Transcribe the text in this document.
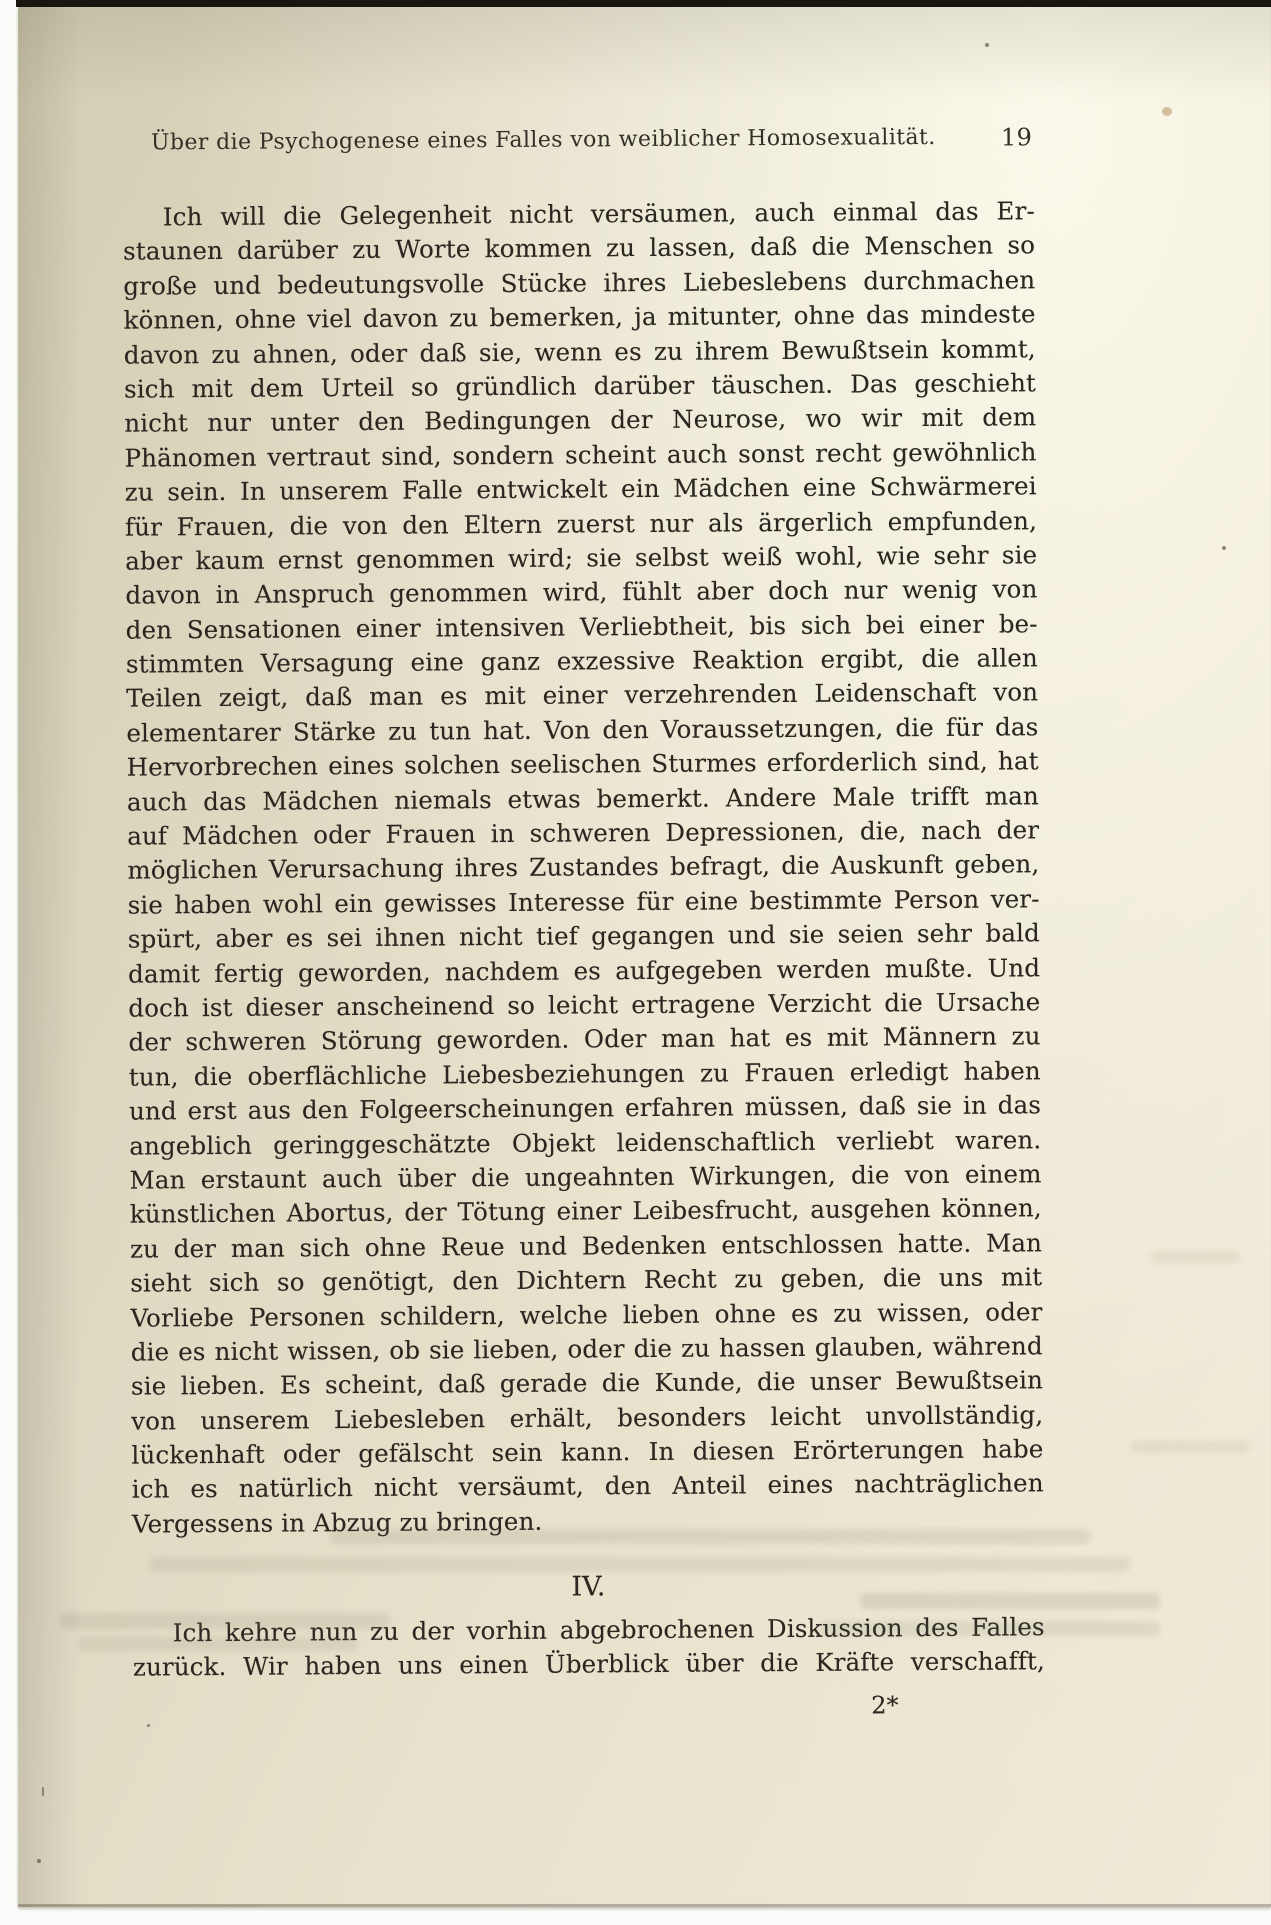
Über die Psychogenese eines Falles von weiblicher Homosexualität.	19
Ich will die Gelegenheit nicht versäumen, auch einmal das Er-
staunen darüber zu Worte kommen zu lassen, daß die Menschen so
große und bedeutungsvolle Stücke ihres Liebeslebens durchmachen
können, ohne viel davon zu bemerken, ja mitunter, ohne das mindeste
davon zu ahnen, oder daß sie, wenn es zu ihrem Bewußtsein kommt,
sich mit dem Urteil so gründlich darüber täuschen. Das geschieht
nicht nur unter den Bedingungen der Neurose, wo wir mit dem
Phänomen vertraut sind, sondern scheint auch sonst recht gewöhnlich
zu sein. In unserem Falle entwickelt ein Mädchen eine Schwärmerei
für Frauen, die von den Eltern zuerst nur als ärgerlich empfunden,
aber kaum ernst genommen wird; sie selbst weiß wohl, wie sehr sie
davon in Anspruch genommen wird, fühlt aber doch nur wenig von
den Sensationen einer intensiven Verliebtheit, bis sich bei einer be-
stimmten Versagung eine ganz exzessive Reaktion ergibt, die allen
Teilen zeigt, daß man es mit einer verzehrenden Leidenschaft von
elementarer Stärke zu tun hat. Von den Voraussetzungen, die für das
Hervorbrechen eines solchen seelischen Sturmes erforderlich sind, hat
auch das Mädchen niemals etwas bemerkt. Andere Male trifft man
auf Mädchen oder Frauen in schweren Depressionen, die, nach der
möglichen Verursachung ihres Zustandes befragt, die Auskunft geben,
sie haben wohl ein gewisses Interesse für eine bestimmte Person ver-
spürt, aber es sei ihnen nicht tief gegangen und sie seien sehr bald
damit fertig geworden, nachdem es aufgegeben werden mußte. Und
doch ist dieser anscheinend so leicht ertragene Verzicht die Ursache
der schweren Störung geworden. Oder man hat es mit Männern zu
tun, die oberflächliche Liebesbeziehungen zu Frauen erledigt haben
und erst aus den Folgeerscheinungen erfahren müssen, daß sie in das
angeblich geringgeschätzte Objekt leidenschaftlich verliebt waren.
Man erstaunt auch über die ungeahnten Wirkungen, die von einem
künstlichen Abortus, der Tötung einer Leibesfrucht, ausgehen können,
zu der man sich ohne Reue und Bedenken entschlossen hatte. Man
sieht sich so genötigt, den Dichtern Recht zu geben, die uns mit
Vorliebe Personen schildern, welche lieben ohne es zu wissen, oder
die es nicht wissen, ob sie lieben, oder die zu hassen glauben, während
sie lieben. Es scheint, daß gerade die Kunde, die unser Bewußtsein
von unserem Liebesleben erhält, besonders leicht unvollständig,
lückenhaft oder gefälscht sein kann. In diesen Erörterungen habe
ich es natürlich nicht versäumt, den Anteil eines nachträglichen
Vergessens in Abzug zu bringen.
IV.
Ich kehre nun zu der vorhin abgebrochenen Diskussion des Falles
zurück. Wir haben uns einen Überblick über die Kräfte verschafft,
2*
